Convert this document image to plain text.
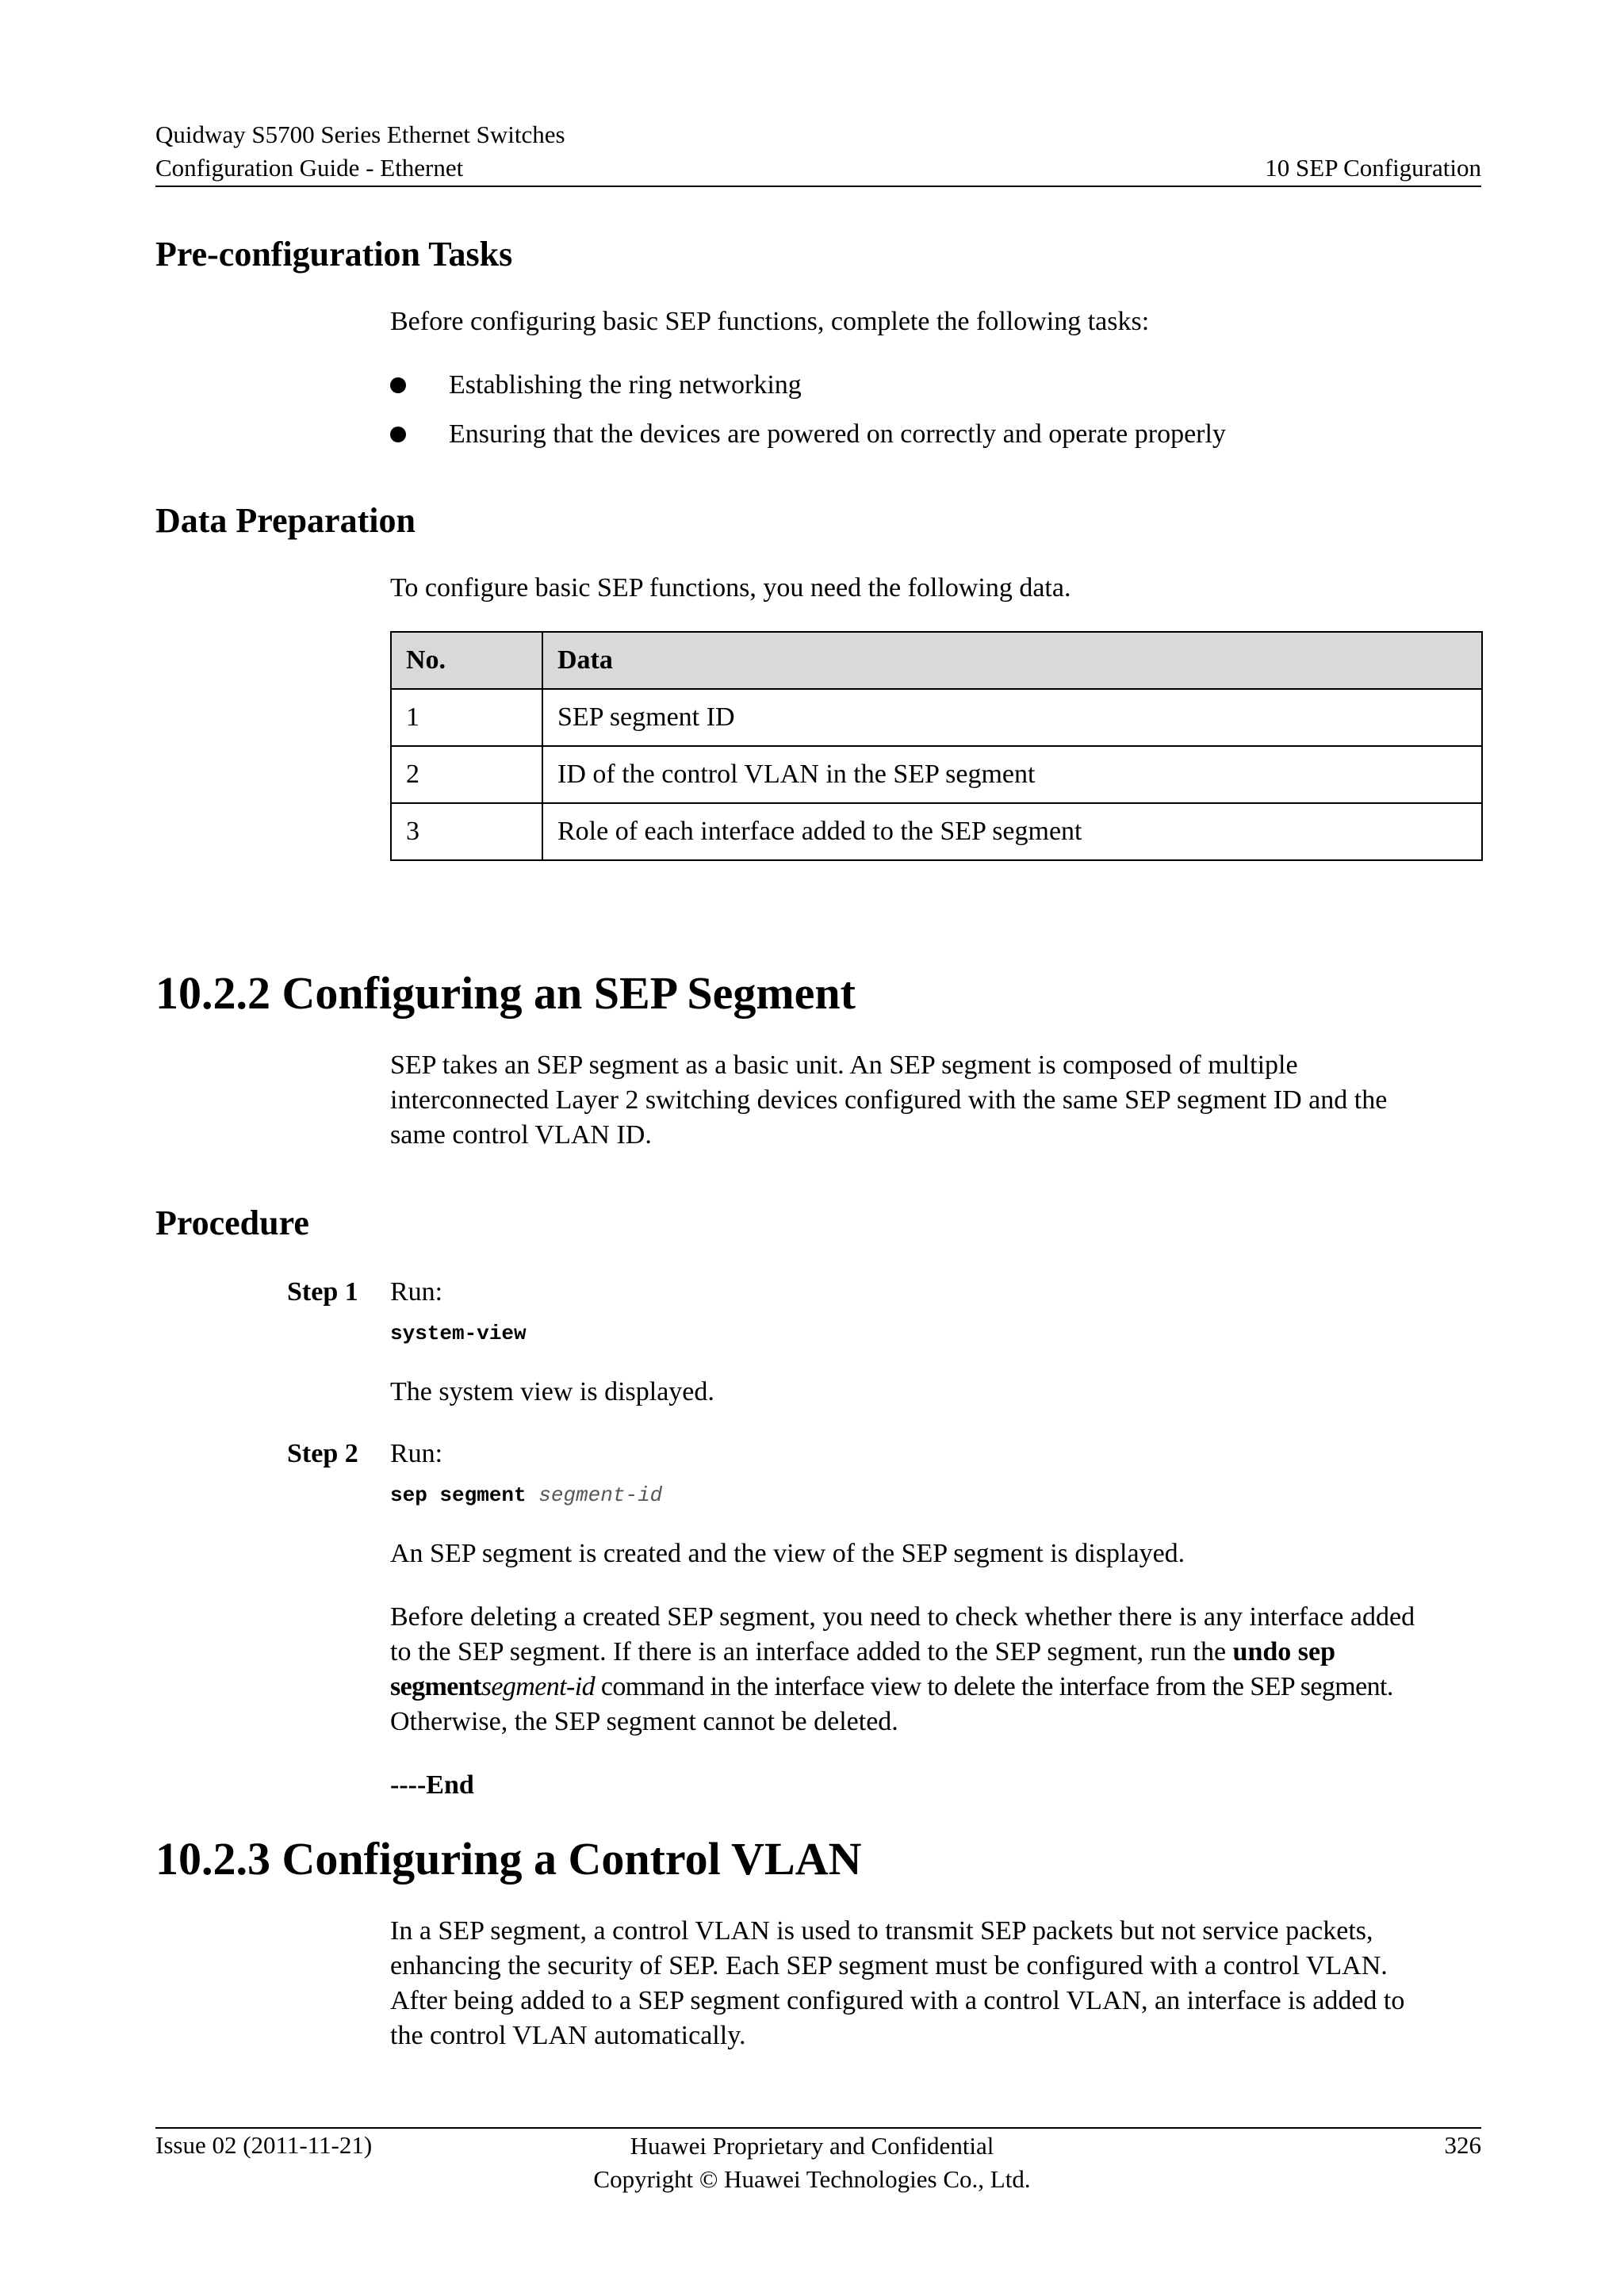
Quidway S5700 Series Ethernet Switches
Configuration Guide - Ethernet	10 SEP Configuration
Pre-configuration Tasks
Before configuring basic SEP functions, complete the following tasks:
Establishing the ring networking
Ensuring that the devices are powered on correctly and operate properly
Data Preparation
To configure basic SEP functions, you need the following data.
No.	Data
1	SEP segment ID
2	ID of the control VLAN in the SEP segment
3	Role of each interface added to the SEP segment
10.2.2 Configuring an SEP Segment
SEP takes an SEP segment as a basic unit. An SEP segment is composed of multiple
interconnected Layer 2 switching devices configured with the same SEP segment ID and the
same control VLAN ID.
Procedure
Step 1 Run:
system-view
The system view is displayed.
Step 2 Run:
sep segment segment-id
An SEP segment is created and the view of the SEP segment is displayed.
Before deleting a created SEP segment, you need to check whether there is any interface added
to the SEP segment. If there is an interface added to the SEP segment, run the undo sep
segmentsegment-id command in the interface view to delete the interface from the SEP segment.
Otherwise, the SEP segment cannot be deleted.
----End
10.2.3 Configuring a Control VLAN
In a SEP segment, a control VLAN is used to transmit SEP packets but not service packets,
enhancing the security of SEP. Each SEP segment must be configured with a control VLAN.
After being added to a SEP segment configured with a control VLAN, an interface is added to
the control VLAN automatically.
Issue 02 (2011-11-21)	Huawei Proprietary and Confidential
Copyright © Huawei Technologies Co., Ltd.
326
